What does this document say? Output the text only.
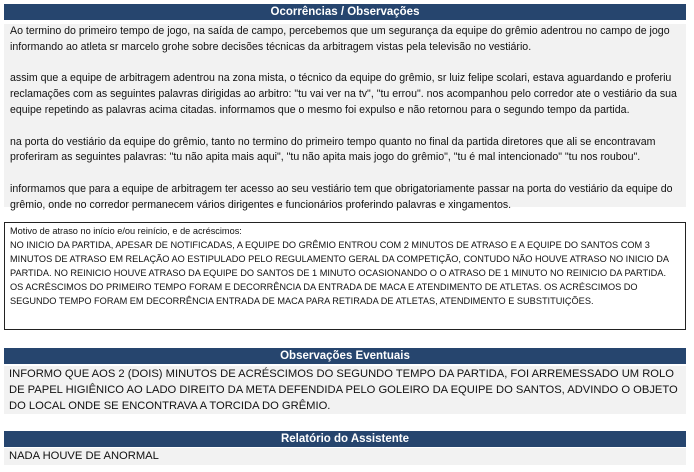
Ocorrências / Observações

Ao termino do primeiro tempo de jogo, na saída de campo, percebemos que um segurança da equipe do grêmio adentrou no campo de jogo informando ao atleta sr marcelo grohe sobre decisões técnicas da arbitragem vistas pela televisão no vestiário.

assim que a equipe de arbitragem adentrou na zona mista, o técnico da equipe do grêmio, sr luiz felipe scolari, estava aguardando e proferiu reclamações com as seguintes palavras dirigidas ao arbitro: "tu vai ver na tv", "tu errou". nos acompanhou pelo corredor ate o vestiário da sua equipe repetindo as palavras acima citadas. informamos que o mesmo foi expulso e não retornou para o segundo tempo da partida.

na porta do vestiário da equipe do grêmio, tanto no termino do primeiro tempo quanto no final da partida diretores que ali se encontravam proferiram as seguintes palavras: "tu não apita mais aqui", "tu não apita mais jogo do grêmio", "tu é mal intencionado" "tu nos roubou".

informamos que para a equipe de arbitragem ter acesso ao seu vestiário tem que obrigatoriamente passar na porta do vestiário da equipe do grêmio, onde no corredor permanecem vários dirigentes e funcionários proferindo palavras e xingamentos.

Motivo de atraso no início e/ou reinício, e de acréscimos:

NO INICIO DA PARTIDA, APESAR DE NOTIFICADAS, A EQUIPE DO GRÊMIO ENTROU COM 2 MINUTOS DE ATRASO E A EQUIPE DO SANTOS COM 3 MINUTOS DE ATRASO EM RELAÇÃO AO ESTIPULADO PELO REGULAMENTO GERAL DA COMPETIÇÃO, CONTUDO NÃO HOUVE ATRASO NO INICIO DA PARTIDA. NO REINICIO HOUVE ATRASO DA EQUIPE DO SANTOS DE 1 MINUTO OCASIONANDO O O ATRASO DE 1 MINUTO NO REINICIO DA PARTIDA. OS ACRÉSCIMOS DO PRIMEIRO TEMPO FORAM E DECORRÊNCIA DA ENTRADA DE MACA E ATENDIMENTO DE ATLETAS. OS ACRÉSCIMOS DO SEGUNDO TEMPO FORAM EM DECORRÊNCIA ENTRADA DE MACA PARA RETIRADA DE ATLETAS, ATENDIMENTO E SUBSTITUIÇÕES.

Observações Eventuais

INFORMO QUE AOS 2 (DOIS) MINUTOS DE ACRÉSCIMOS DO SEGUNDO TEMPO DA PARTIDA, FOI ARREMESSADO UM ROLO DE PAPEL HIGIÊNICO AO LADO DIREITO DA META DEFENDIDA PELO GOLEIRO DA EQUIPE DO SANTOS, ADVINDO O OBJETO DO LOCAL ONDE SE ENCONTRAVA A TORCIDA DO GRÊMIO.

Relatório do Assistente

NADA HOUVE DE ANORMAL
